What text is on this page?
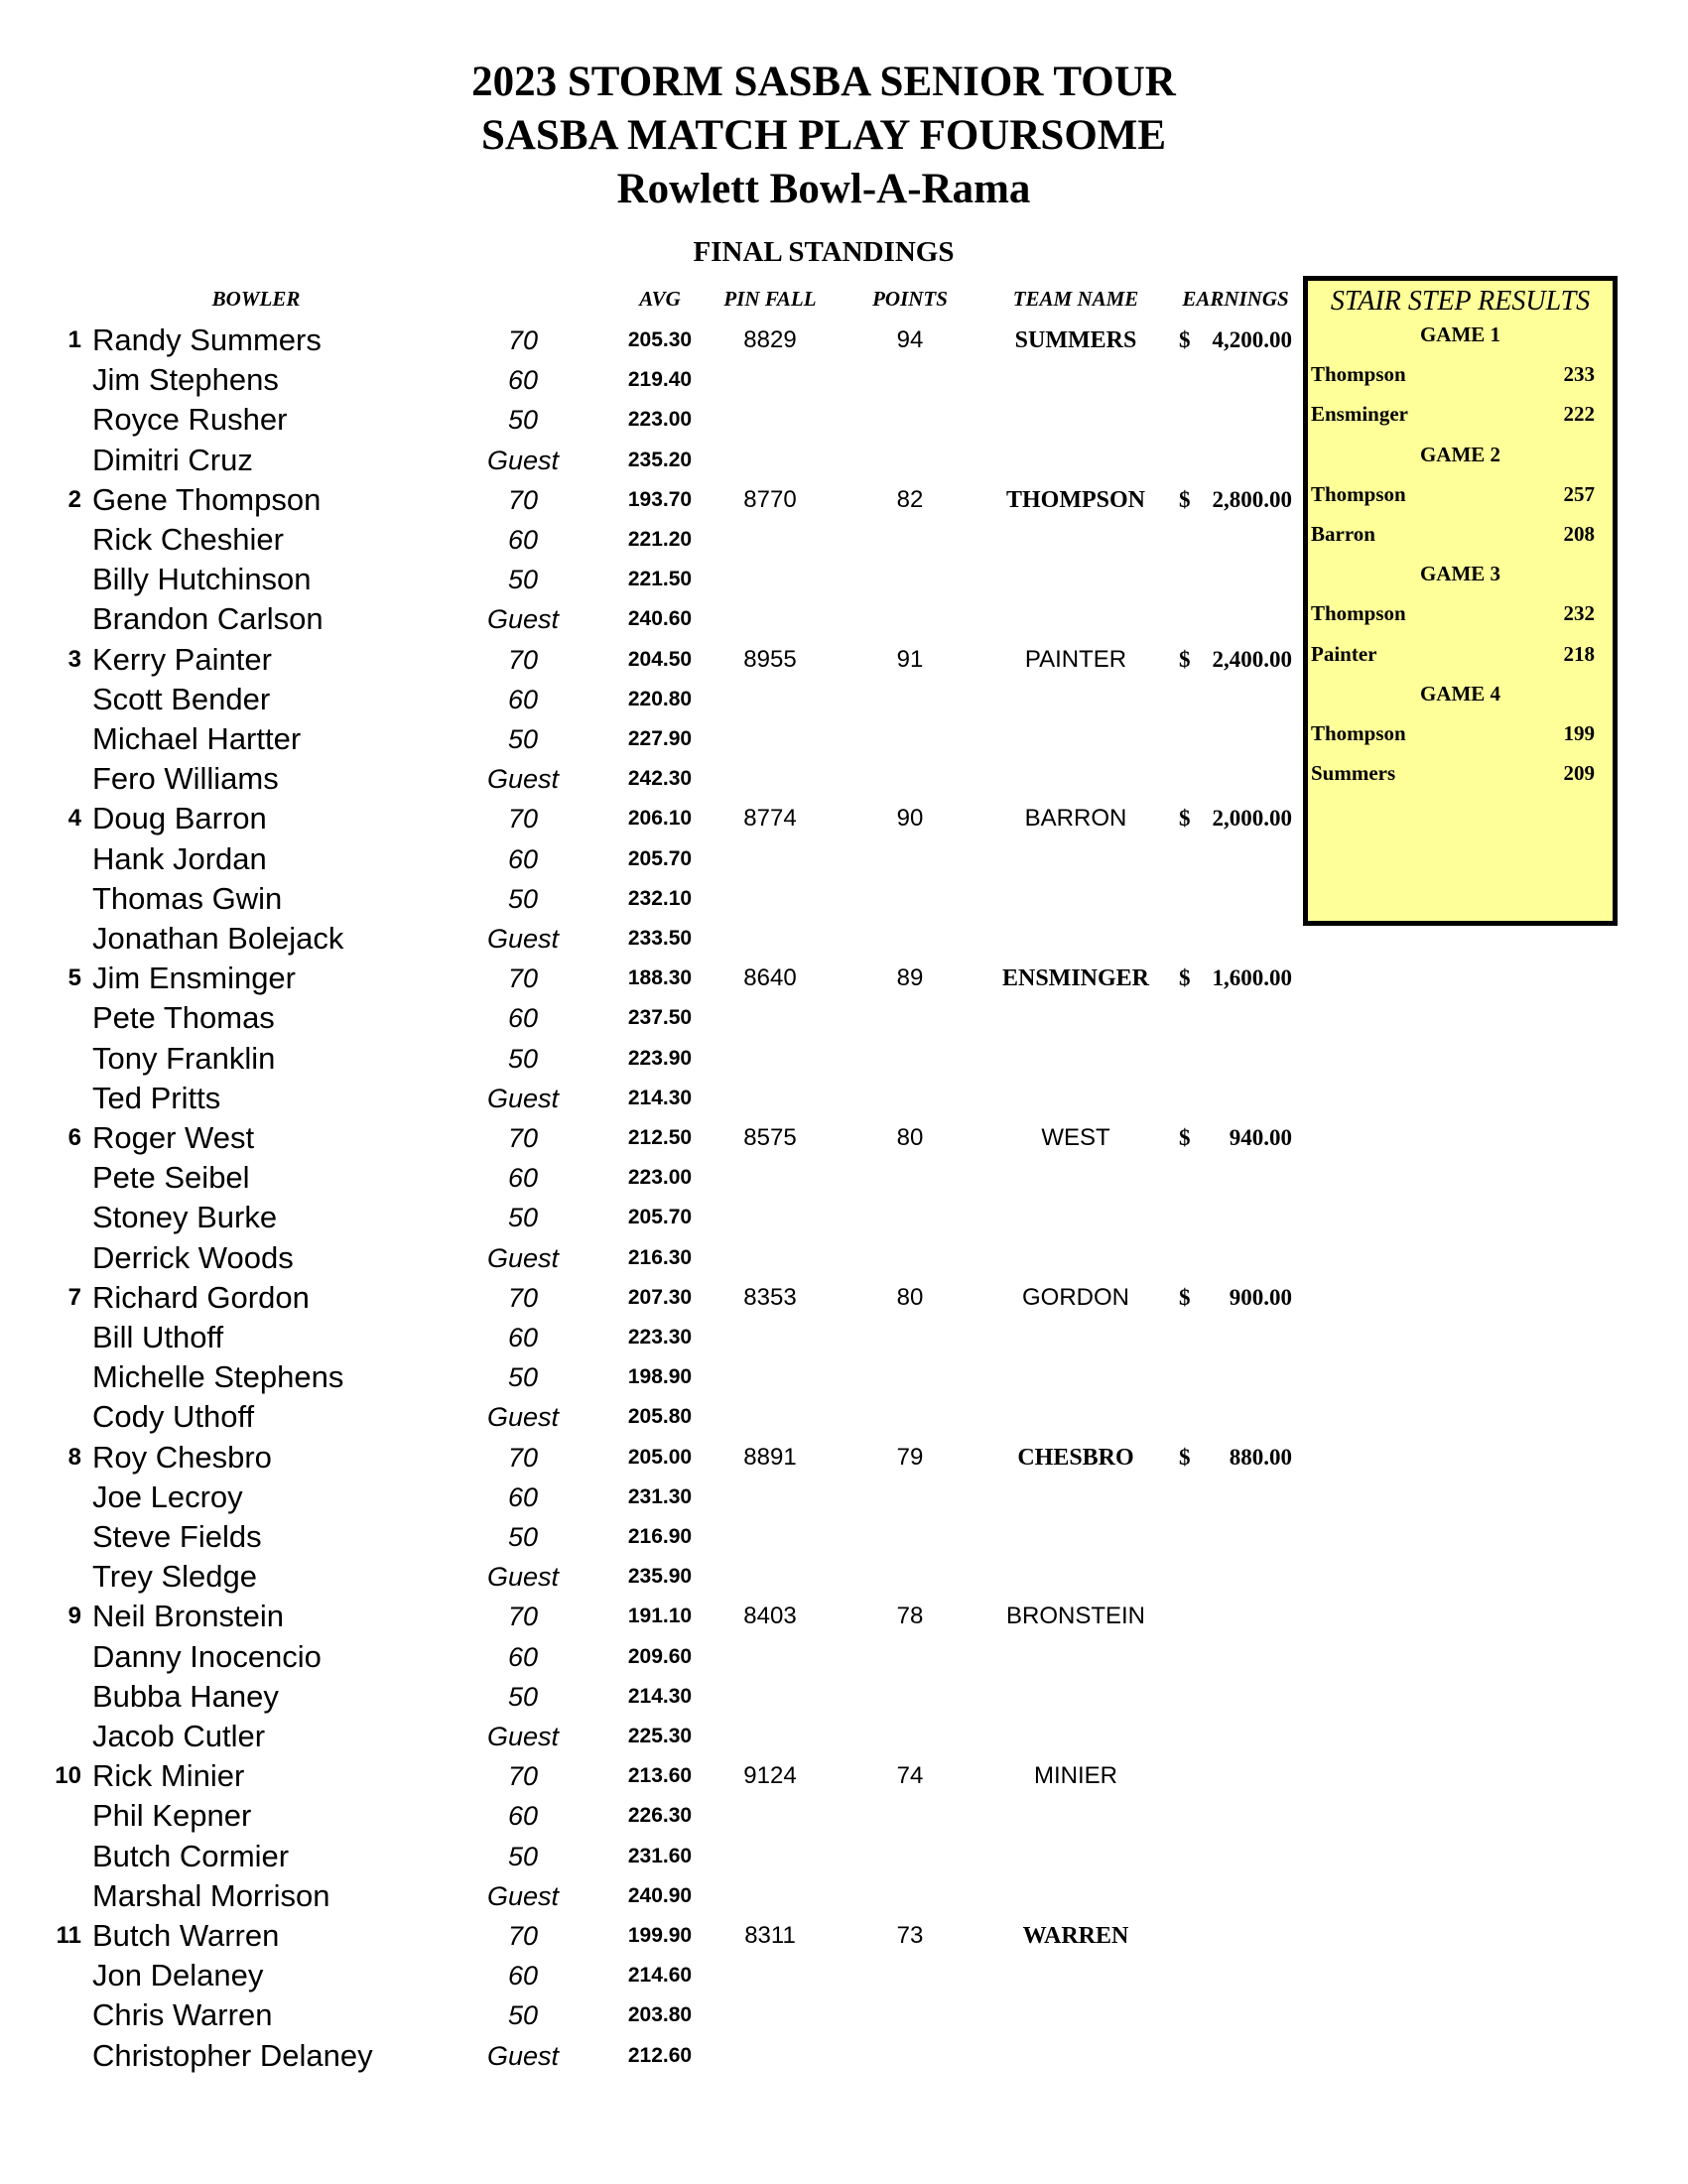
2023 STORM SASBA SENIOR TOUR
SASBA MATCH PLAY FOURSOME
Rowlett Bowl-A-Rama
FINAL STANDINGS
BOWLER	AVG PIN FALL	POINTS	TEAM NAME EARNINGS
1 Randy Summers	70	205.30 8829	94	SUMMERS $ 4,200.00
Jim Stephens	60	219.40
Royce Rusher	50	223.00
Dimitri Cruz	Guest	235.20
2 Gene Thompson	70	193.70 8770	82	THOMPSON $ 2,800.00
Rick Cheshier	60	221.20
Billy Hutchinson	50	221.50
Brandon Carlson	Guest	240.60
3 Kerry Painter	70	204.50 8955	91	PAINTER $ 2,400.00
Scott Bender	60	220.80
Michael Hartter	50	227.90
Fero Williams	Guest	242.30
4 Doug Barron	70	206.10 8774	90	BARRON $ 2,000.00
Hank Jordan	60	205.70
Thomas Gwin	50	232.10
Jonathan Bolejack	Guest	233.50
5 Jim Ensminger	70	188.30 8640	89	ENSMINGER $ 1,600.00
Pete Thomas	60	237.50
Tony Franklin	50	223.90
Ted Pritts	Guest	214.30
6 Roger West	70	212.50 8575	80	WEST	$	940.00
Pete Seibel	60	223.00
Stoney Burke	50	205.70
Derrick Woods	Guest	216.30
7 Richard Gordon	70	207.30 8353	80	GORDON $	900.00
Bill Uthoff	60	223.30
Michelle Stephens	50	198.90
Cody Uthoff	Guest	205.80
8 Roy Chesbro	70	205.00 8891	79	CHESBRO $	880.00
Joe Lecroy	60	231.30
Steve Fields	50	216.90
Trey Sledge	Guest	235.90
9 Neil Bronstein	70	191.10 8403	78	BRONSTEIN
Danny Inocencio	60	209.60
Bubba Haney	50	214.30
Jacob Cutler	Guest	225.30
10 Rick Minier	70	213.60 9124	74	MINIER
Phil Kepner	60	226.30
Butch Cormier	50	231.60
Marshal Morrison	Guest	240.90
11 Butch Warren	70	199.90 8311	73	WARREN
Jon Delaney	60	214.60
Chris Warren	50	203.80
Christopher Delaney	Guest	212.60
STAIR STEP RESULTS
GAME 1
Thompson	233
Ensminger	222
GAME 2
Thompson	257
Barron	208
GAME 3
Thompson	232
Painter	218
GAME 4
Thompson	199
Summers	209
